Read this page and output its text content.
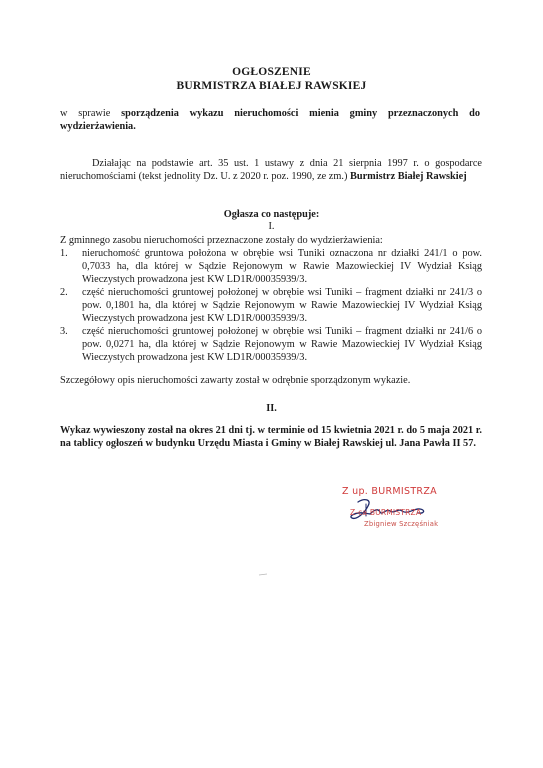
OGŁOSZENIE
BURMISTRZA BIAŁEJ RAWSKIEJ
w sprawie sporządzenia wykazu nieruchomości mienia gminy przeznaczonych do wydzierżawienia.
Działając na podstawie art. 35 ust. 1 ustawy z dnia 21 sierpnia 1997 r. o gospodarce nieruchomościami (tekst jednolity Dz. U. z 2020 r. poz. 1990, ze zm.) Burmistrz Białej Rawskiej
Ogłasza co następuje:
I.
Z gminnego zasobu nieruchomości przeznaczone zostały do wydzierżawienia:
1. nieruchomość gruntowa położona w obrębie wsi Tuniki oznaczona nr działki 241/1 o pow. 0,7033 ha, dla której w Sądzie Rejonowym w Rawie Mazowieckiej IV Wydział Ksiąg Wieczystych prowadzona jest KW LD1R/00035939/3.
2. część nieruchomości gruntowej położonej w obrębie wsi Tuniki – fragment działki nr 241/3 o pow. 0,1801 ha, dla której w Sądzie Rejonowym w Rawie Mazowieckiej IV Wydział Ksiąg Wieczystych prowadzona jest KW LD1R/00035939/3.
3. część nieruchomości gruntowej położonej w obrębie wsi Tuniki – fragment działki nr 241/6 o pow. 0,0271 ha, dla której w Sądzie Rejonowym w Rawie Mazowieckiej IV Wydział Ksiąg Wieczystych prowadzona jest KW LD1R/00035939/3.
Szczegółowy opis nieruchomości zawarty został w odrębnie sporządzonym wykazie.
II.
Wykaz wywieszony został na okres 21 dni tj. w terminie od 15 kwietnia 2021 r. do 5 maja 2021 r. na tablicy ogłoszeń w budynku Urzędu Miasta i Gminy w Białej Rawskiej ul. Jana Pawła II 57.
Z up. BURMISTRZA
Z-ca BURMISTRZA
Zbigniew Szczęśniak
